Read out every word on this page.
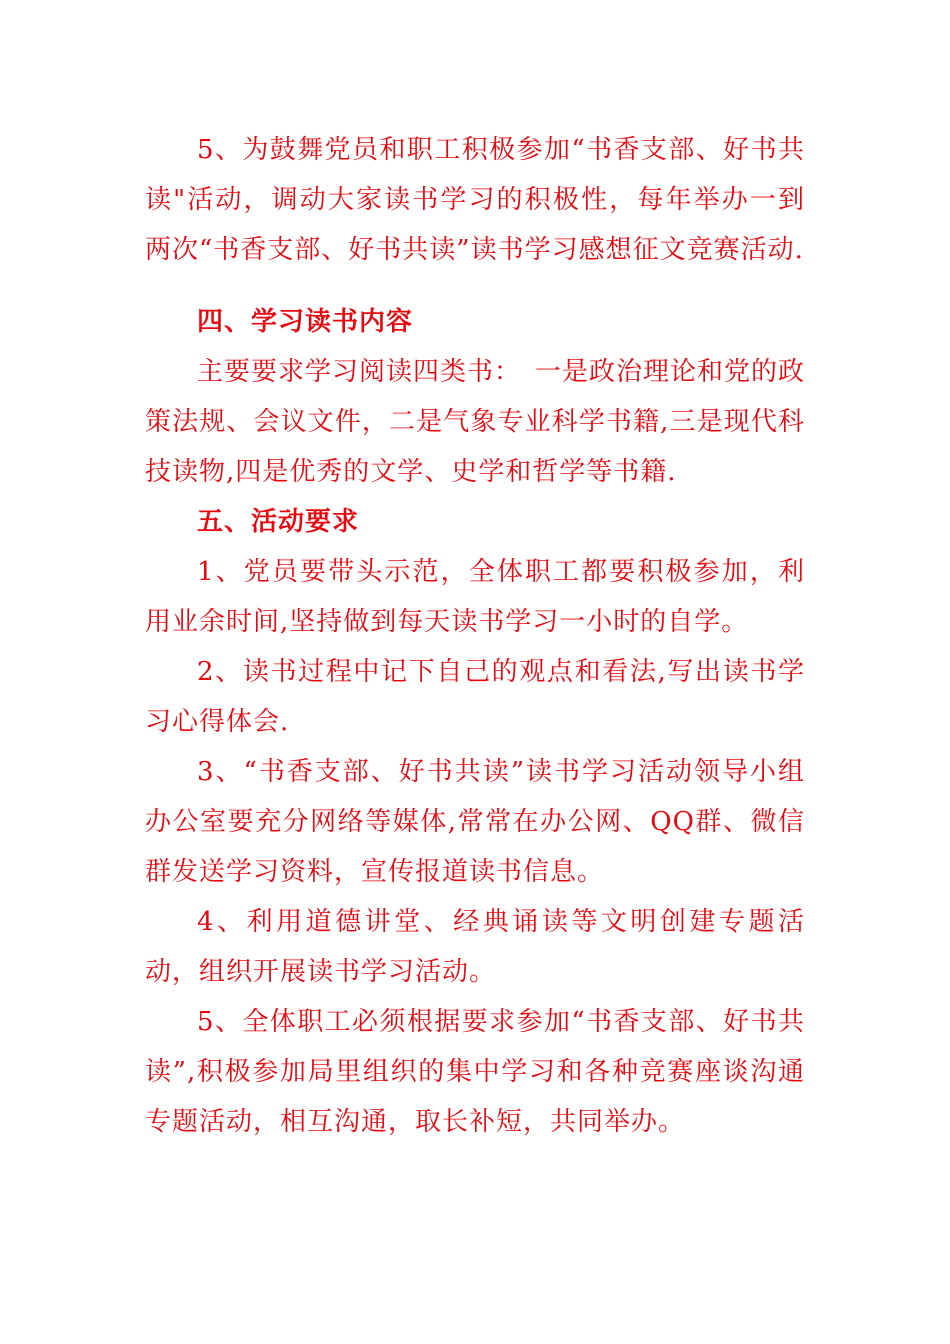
5、为鼓舞党员和职工积极参加“书香支部、好书共读"活动，调动大家读书学习的积极性，每年举办一到两次“书香支部、好书共读”读书学习感想征文竞赛活动.

四、学习读书内容

主要要求学习阅读四类书：　一是政治理论和党的政策法规、会议文件，二是气象专业科学书籍,三是现代科技读物,四是优秀的文学、史学和哲学等书籍.

五、活动要求

1、党员要带头示范，全体职工都要积极参加，利用业余时间,坚持做到每天读书学习一小时的自学。

2、读书过程中记下自己的观点和看法,写出读书学习心得体会.

3、“书香支部、好书共读”读书学习活动领导小组办公室要充分网络等媒体,常常在办公网、QQ群、微信群发送学习资料，宣传报道读书信息。

4、利用道德讲堂、经典诵读等文明创建专题活动，组织开展读书学习活动。

5、全体职工必须根据要求参加“书香支部、好书共读”,积极参加局里组织的集中学习和各种竞赛座谈沟通专题活动，相互沟通，取长补短，共同举办。
